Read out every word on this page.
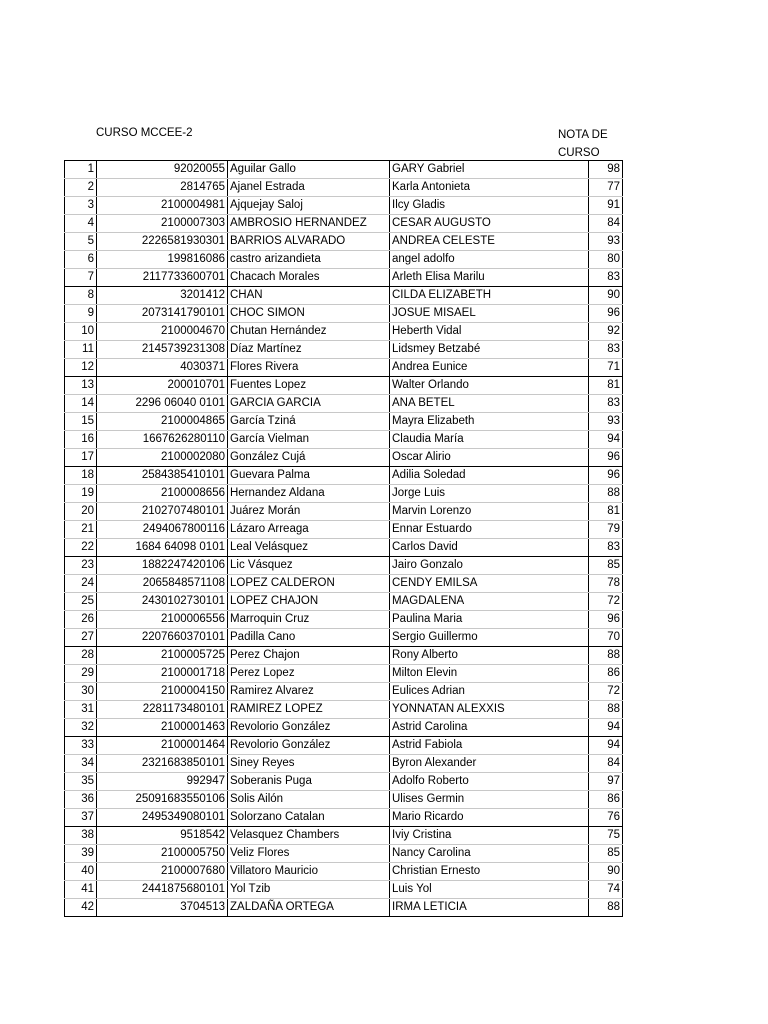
CURSO MCCEE-2	NOTA DE
CURSO
1	92020055	Aguilar Gallo	GARY Gabriel	98
2	2814765	Ajanel Estrada	Karla Antonieta	77
3	2100004981	Ajquejay Saloj	Ilcy Gladis	91
4	2100007303	AMBROSIO HERNANDEZ	CESAR AUGUSTO	84
5	2226581930301	BARRIOS ALVARADO	ANDREA CELESTE	93
6	199816086	castro arizandieta	angel adolfo	80
7	2117733600701	Chacach Morales	Arleth Elisa Marilu	83
8	3201412	CHAN	CILDA ELIZABETH	90
9	2073141790101	CHOC SIMON	JOSUE MISAEL	96
10	2100004670	Chutan Hernández	Heberth Vidal	92
11	2145739231308	Díaz Martínez	Lidsmey Betzabé	83
12	4030371	Flores Rivera	Andrea Eunice	71
13	200010701	Fuentes Lopez	Walter Orlando	81
14	2296 06040 0101	GARCIA GARCIA	ANA BETEL	83
15	2100004865	García Tziná	Mayra Elizabeth	93
16	1667626280110	García Vielman	Claudia María	94
17	2100002080	González Cujá	Oscar Alirio	96
18	2584385410101	Guevara Palma	Adilia Soledad	96
19	2100008656	Hernandez Aldana	Jorge Luis	88
20	2102707480101	Juárez Morán	Marvin Lorenzo	81
21	2494067800116	Lázaro Arreaga	Ennar Estuardo	79
22	1684 64098 0101	Leal Velásquez	Carlos David	83
23	1882247420106	Lic Vásquez	Jairo Gonzalo	85
24	2065848571108	LOPEZ CALDERON	CENDY EMILSA	78
25	2430102730101	LOPEZ CHAJON	MAGDALENA	72
26	2100006556	Marroquin Cruz	Paulina Maria	96
27	2207660370101	Padilla Cano	Sergio Guillermo	70
28	2100005725	Perez Chajon	Rony Alberto	88
29	2100001718	Perez Lopez	Milton Elevin	86
30	2100004150	Ramirez Alvarez	Eulices Adrian	72
31	2281173480101	RAMIREZ LOPEZ	YONNATAN ALEXXIS	88
32	2100001463	Revolorio González	Astrid Carolina	94
33	2100001464	Revolorio González	Astrid Fabiola	94
34	2321683850101	Siney Reyes	Byron Alexander	84
35	992947	Soberanis Puga	Adolfo Roberto	97
36	25091683550106	Solis Ailón	Ulises Germin	86
37	2495349080101	Solorzano Catalan	Mario Ricardo	76
38	9518542	Velasquez Chambers	Iviy Cristina	75
39	2100005750	Veliz Flores	Nancy Carolina	85
40	2100007680	Villatoro Mauricio	Christian Ernesto	90
41	2441875680101	Yol Tzib	Luis Yol	74
42	3704513	ZALDAÑA ORTEGA	IRMA LETICIA	88
